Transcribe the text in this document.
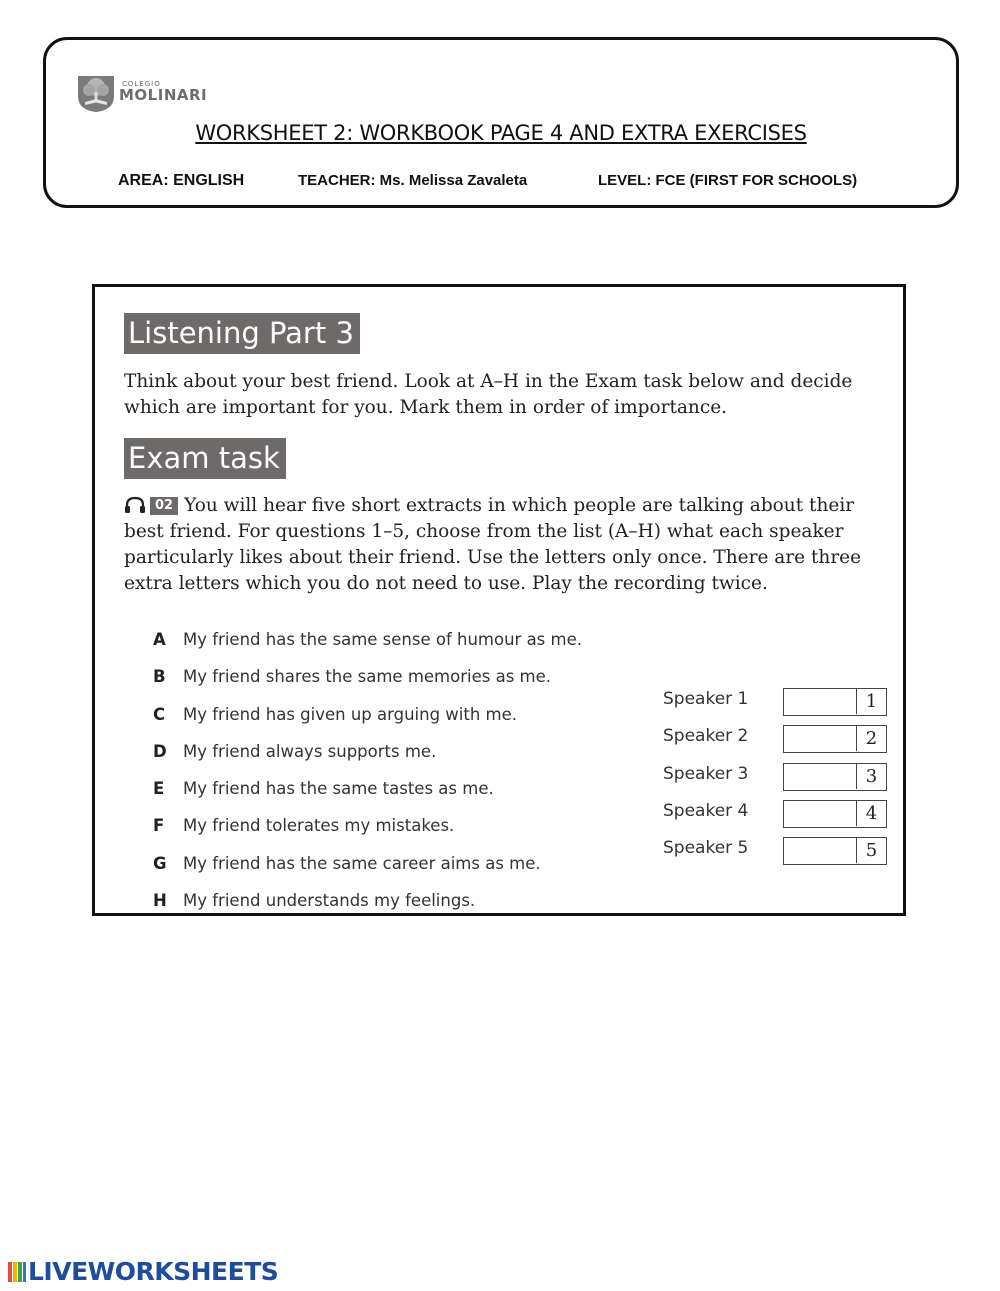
COLEGIO
MOLINARI
WORKSHEET 2: WORKBOOK PAGE 4 AND EXTRA EXERCISES
AREA: ENGLISH	TEACHER: Ms. Melissa Zavaleta	LEVEL: FCE (FIRST FOR SCHOOLS)
Listening Part 3
Think about your best friend. Look at A–H in the Exam task below and decide which are important for you. Mark them in order of importance.
Exam task
02 You will hear five short extracts in which people are talking about their best friend. For questions 1–5, choose from the list (A–H) what each speaker particularly likes about their friend. Use the letters only once. There are three extra letters which you do not need to use. Play the recording twice.
A My friend has the same sense of humour as me.
B My friend shares the same memories as me.
C My friend has given up arguing with me.
D My friend always supports me.
E My friend has the same tastes as me.
F My friend tolerates my mistakes.
G My friend has the same career aims as me.
H My friend understands my feelings.
Speaker 1	1
Speaker 2	2
Speaker 3	3
Speaker 4	4
Speaker 5	5
LIVEWORKSHEETS
